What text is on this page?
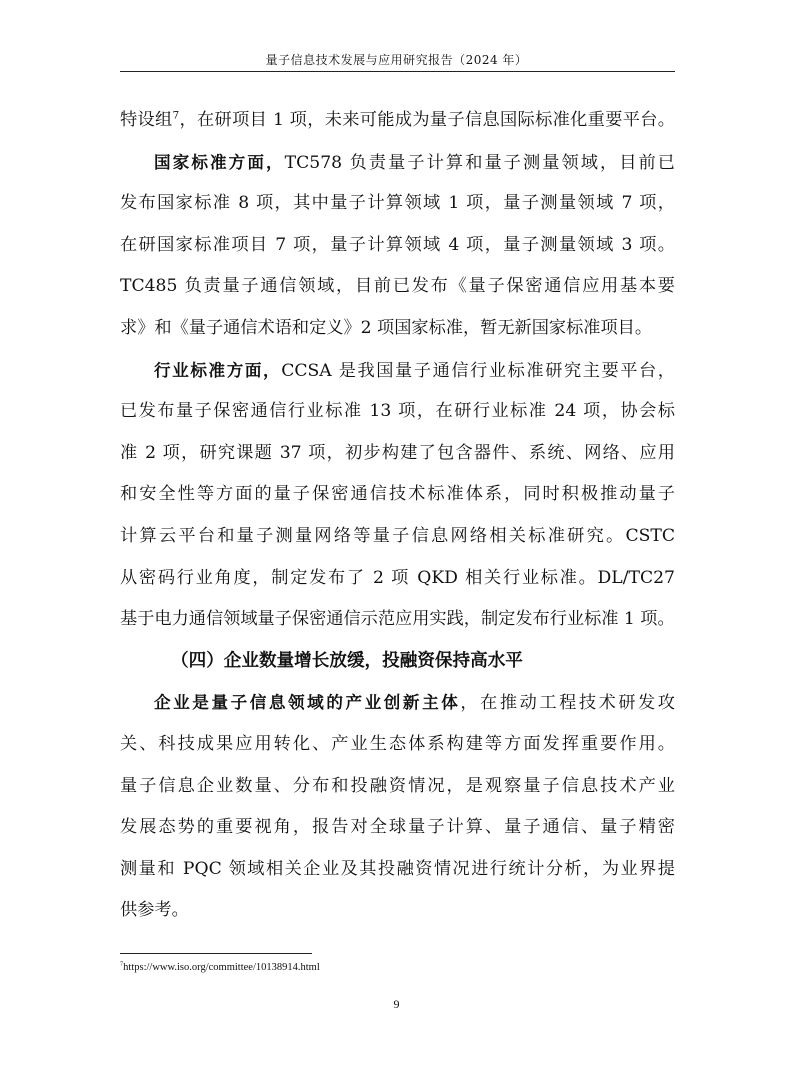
量子信息技术发展与应用研究报告（2024 年）
特设组$^7$，在研项目 1 项，未来可能成为量子信息国际标准化重要平台。
国家标准方面，TC578 负责量子计算和量子测量领域，目前已
发布国家标准 8 项，其中量子计算领域 1 项，量子测量领域 7 项，
在研国家标准项目 7 项，量子计算领域 4 项，量子测量领域 3 项。
TC485 负责量子通信领域，目前已发布《量子保密通信应用基本要
求》和《量子通信术语和定义》2 项国家标准，暂无新国家标准项目。
行业标准方面，CCSA 是我国量子通信行业标准研究主要平台，
已发布量子保密通信行业标准 13 项，在研行业标准 24 项，协会标
准 2 项，研究课题 37 项，初步构建了包含器件、系统、网络、应用
和安全性等方面的量子保密通信技术标准体系，同时积极推动量子
计算云平台和量子测量网络等量子信息网络相关标准研究。CSTC
从密码行业角度，制定发布了 2 项 QKD 相关行业标准。DL/TC27
基于电力通信领域量子保密通信示范应用实践，制定发布行业标准 1 项。
（四）企业数量增长放缓，投融资保持高水平
企业是量子信息领域的产业创新主体，在推动工程技术研发攻
关、科技成果应用转化、产业生态体系构建等方面发挥重要作用。
量子信息企业数量、分布和投融资情况，是观察量子信息技术产业
发展态势的重要视角，报告对全球量子计算、量子通信、量子精密
测量和 PQC 领域相关企业及其投融资情况进行统计分析，为业界提
供参考。
$^7$https://www.iso.org/committee/10138914.html
9
